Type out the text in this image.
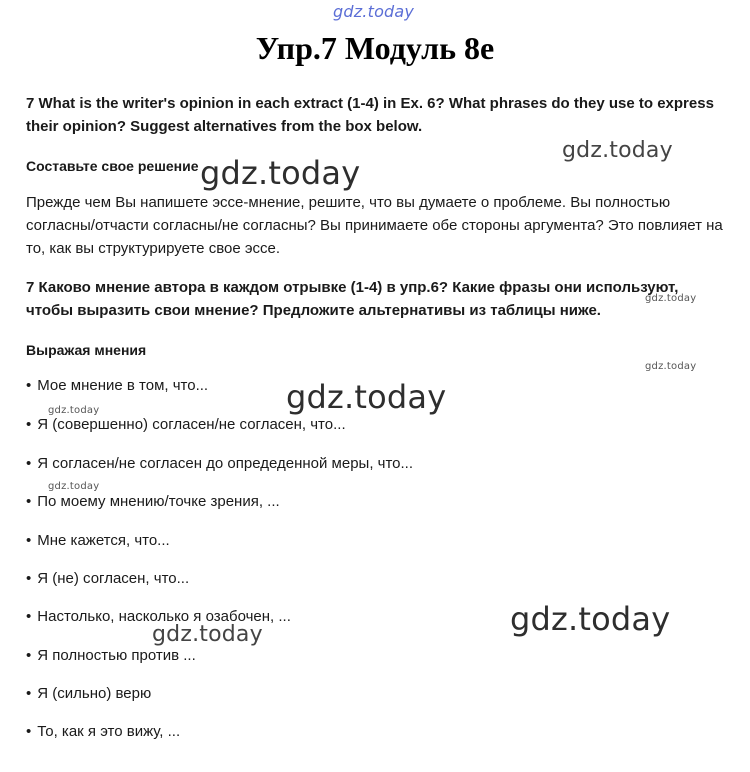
gdz.today
gdz.today
gdz.today
gdz.today
gdz.today
gdz.today
gdz.today
gdz.today
gdz.today
gdz.today
Упр.7 Модуль 8e
7 What is the writer's opinion in each extract (1-4) in Ex. 6? What phrases do they use to express their opinion? Suggest alternatives from the box below.
Составьте свое решение
Прежде чем Вы напишете эссе-мнение, решите, что вы думаете о проблеме. Вы полностью согласны/отчасти согласны/не согласны? Вы принимаете обе стороны аргумента? Это повлияет на то, как вы структурируете свое эссе.
7 Каково мнение автора в каждом отрывке (1-4) в упр.6? Какие фразы они используют, чтобы выразить свои мнение? Предложите альтернативы из таблицы ниже.
Выражая мнения
• Мое мнение в том, что...
• Я (совершенно) согласен/не согласен, что...
• Я согласен/не согласен до опредеденной меры, что...
• По моему мнению/точке зрения, ...
• Мне кажется, что...
• Я (не) согласен, что...
• Настолько, насколько я озабочен, ...
• Я полностью против ...
• Я (сильно) верю
• То, как я это вижу, ...
